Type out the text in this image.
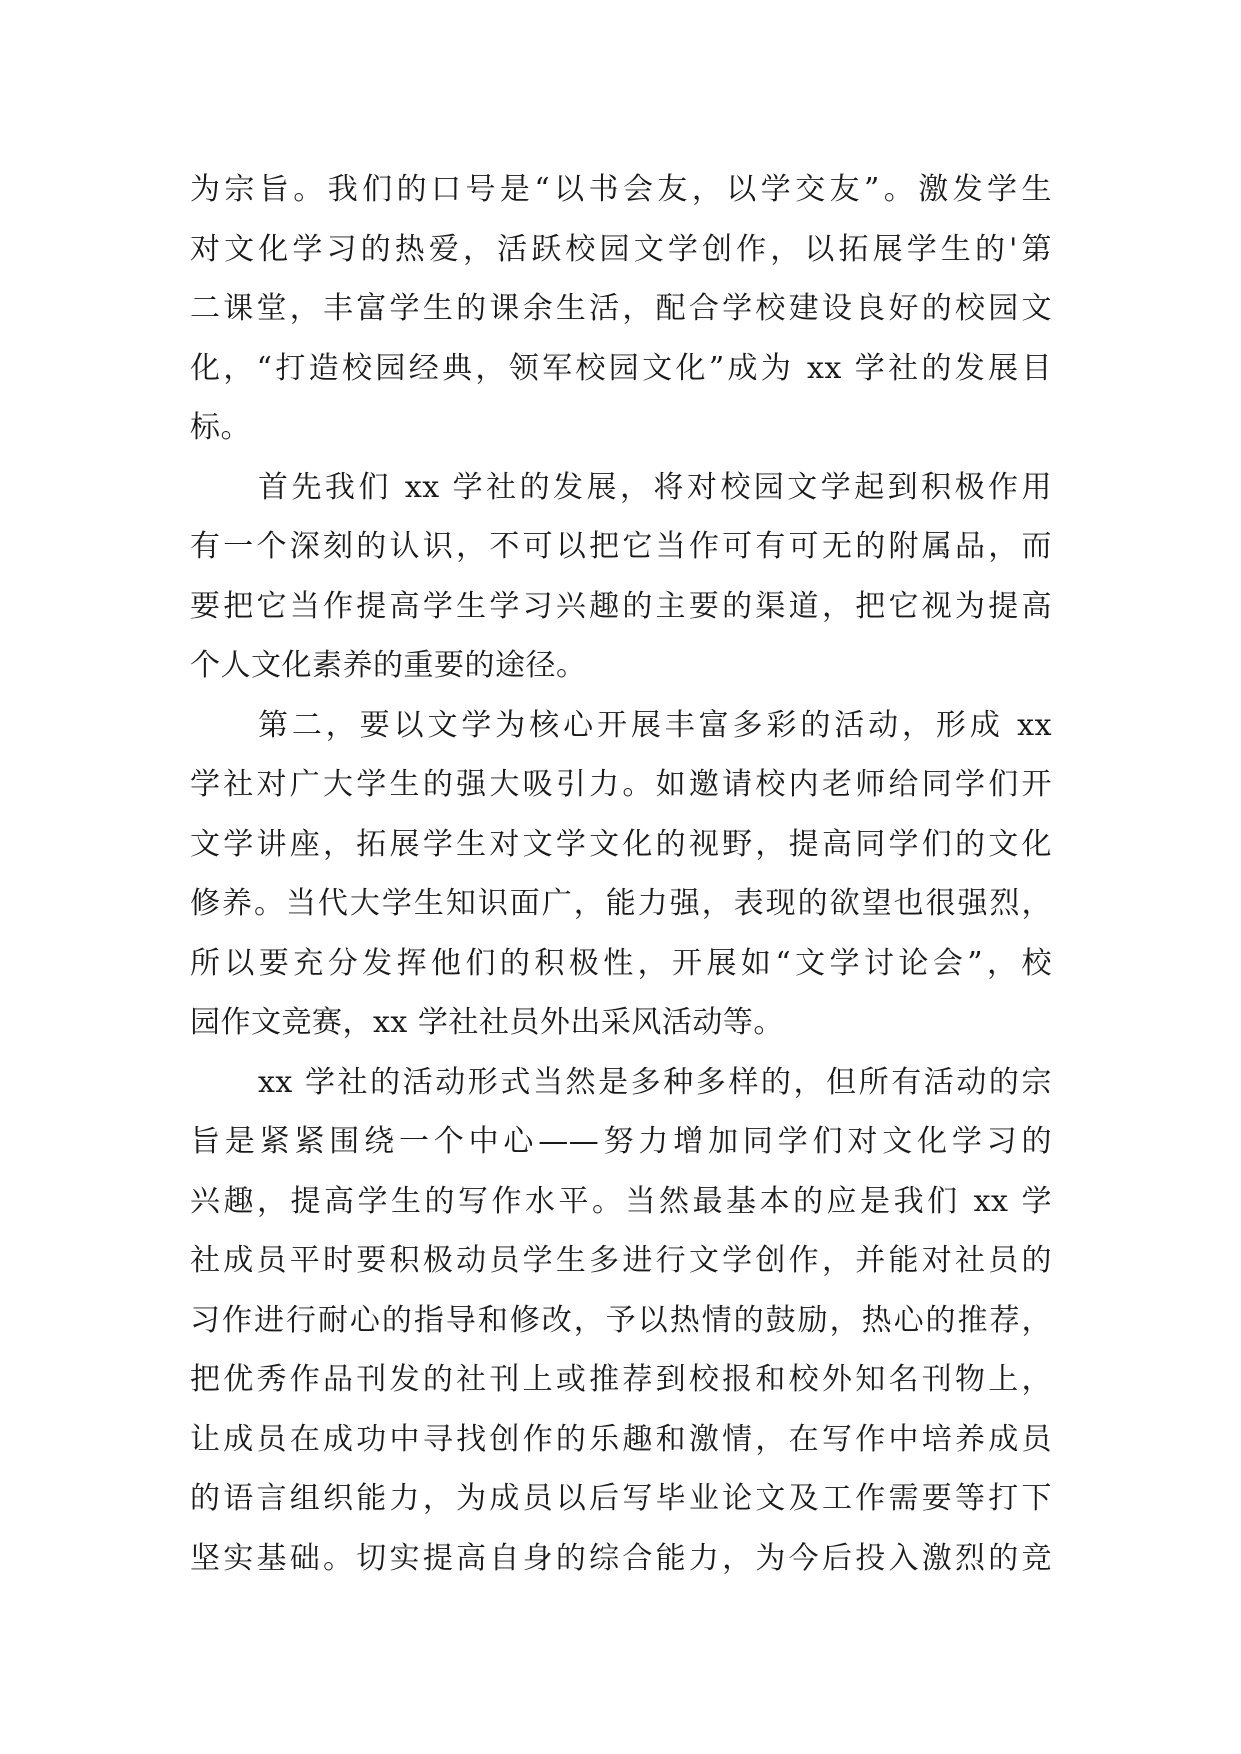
为宗旨。我们的口号是“以书会友，以学交友”。激发学生
对文化学习的热爱，活跃校园文学创作，以拓展学生的'第
二课堂，丰富学生的课余生活，配合学校建设良好的校园文
化，“打造校园经典，领军校园文化”成为 xx 学社的发展目
标。
首先我们 xx 学社的发展，将对校园文学起到积极作用
有一个深刻的认识，不可以把它当作可有可无的附属品，而
要把它当作提高学生学习兴趣的主要的渠道，把它视为提高
个人文化素养的重要的途径。
第二，要以文学为核心开展丰富多彩的活动，形成 xx
学社对广大学生的强大吸引力。如邀请校内老师给同学们开
文学讲座，拓展学生对文学文化的视野，提高同学们的文化
修养。当代大学生知识面广，能力强，表现的欲望也很强烈，
所以要充分发挥他们的积极性，开展如“文学讨论会”，校
园作文竞赛，xx 学社社员外出采风活动等。
xx 学社的活动形式当然是多种多样的，但所有活动的宗
旨是紧紧围绕一个中心——努力增加同学们对文化学习的
兴趣，提高学生的写作水平。当然最基本的应是我们 xx 学
社成员平时要积极动员学生多进行文学创作，并能对社员的
习作进行耐心的指导和修改，予以热情的鼓励，热心的推荐，
把优秀作品刊发的社刊上或推荐到校报和校外知名刊物上，
让成员在成功中寻找创作的乐趣和激情，在写作中培养成员
的语言组织能力，为成员以后写毕业论文及工作需要等打下
坚实基础。切实提高自身的综合能力，为今后投入激烈的竞
